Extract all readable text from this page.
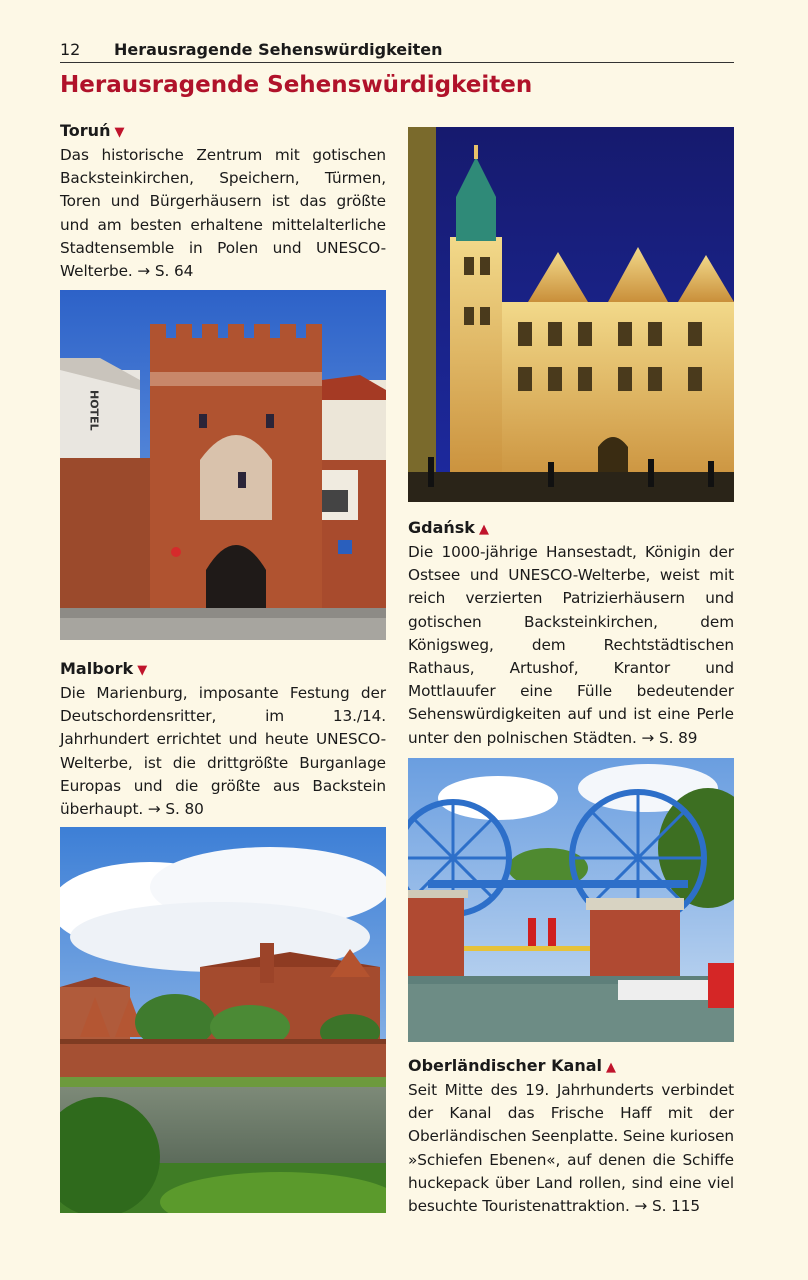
12 Herausragende Sehenswürdigkeiten
Herausragende Sehenswürdigkeiten
Toruń ▼

Das historische Zentrum mit gotischen Backsteinkirchen, Speichern, Türmen, Toren und Bürgerhäusern ist das größte und am besten erhaltene mittelalterliche Stadtensemble in Polen und UNESCO-Welterbe. → S. 64

HOTEL
Malbork ▼

Die Marienburg, imposante Festung der Deutschordensritter, im 13./14. Jahrhundert errichtet und heute UNESCO-Welterbe, ist die drittgrößte Burganlage Europas und die größte aus Backstein überhaupt. → S. 80

Gdańsk ▲

Die 1000-jährige Hansestadt, Königin der Ostsee und UNESCO-Welterbe, weist mit reich verzierten Patrizierhäusern und gotischen Backsteinkirchen, dem Königsweg, dem Rechtstädtischen Rathaus, Artushof, Krantor und Mottlauufer eine Fülle bedeutender Sehenswürdigkeiten auf und ist eine Perle unter den polnischen Städten. → S. 89

Oberländischer Kanal ▲

Seit Mitte des 19. Jahrhunderts verbindet der Kanal das Frische Haff mit der Oberländischen Seenplatte. Seine kuriosen »Schiefen Ebenen«, auf denen die Schiffe huckepack über Land rollen, sind eine viel besuchte Touristenattraktion. → S. 115
